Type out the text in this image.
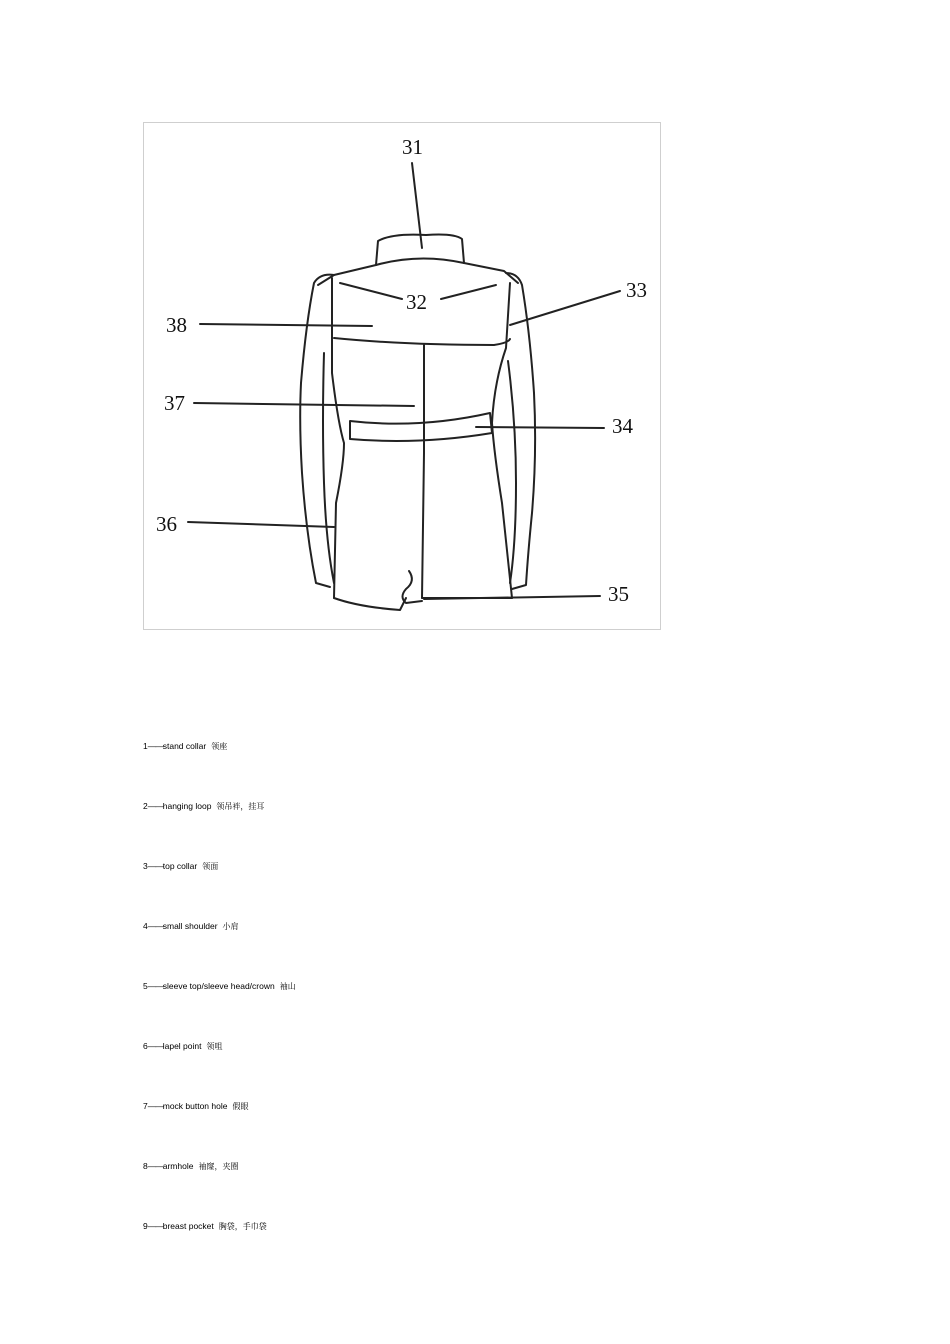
31
32	33
34
35
36
37
38
1——stand collar 领座
2——hanging loop 领吊袢，挂耳
3——top collar 领面
4——small shoulder 小肩
5——sleeve top/sleeve head/crown 袖山
6——lapel point 领咀
7——mock button hole 假眼
8——armhole 袖窿，夹圈
9——breast pocket 胸袋，手巾袋
